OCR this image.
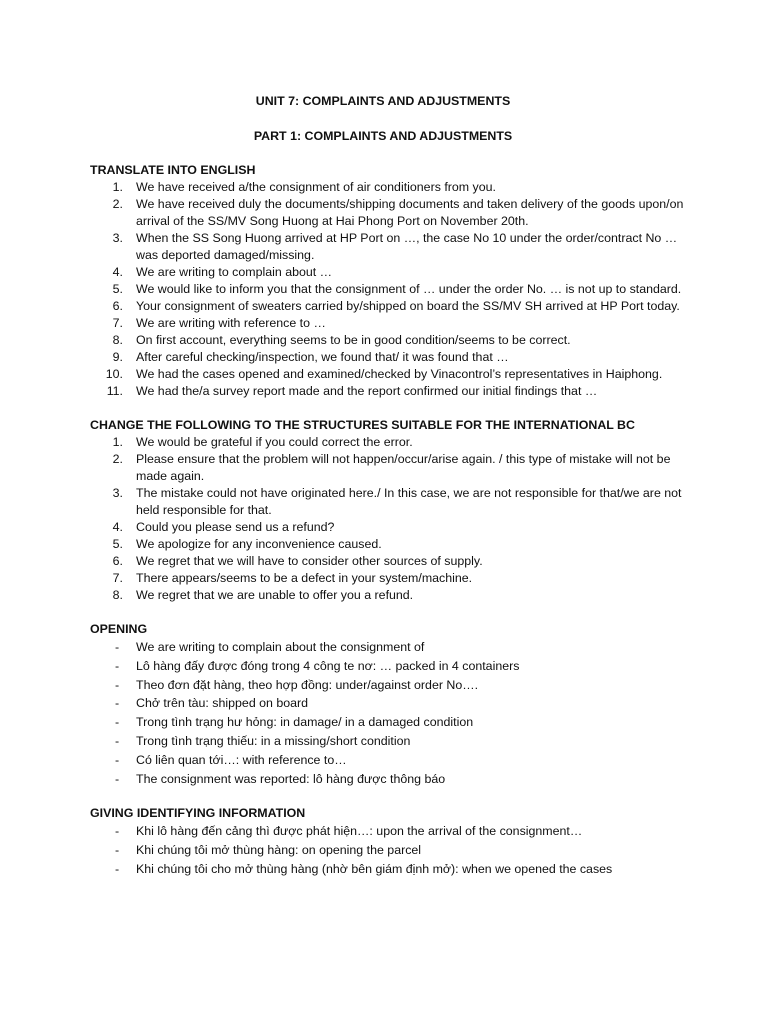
UNIT 7: COMPLAINTS AND ADJUSTMENTS

PART 1: COMPLAINTS AND ADJUSTMENTS

TRANSLATE INTO ENGLISH

1. We have received a/the consignment of air conditioners from you.
2. We have received duly the documents/shipping documents and taken delivery of the goods upon/on arrival of the SS/MV Song Huong at Hai Phong Port on November 20th.
3. When the SS Song Huong arrived at HP Port on …, the case No 10 under the order/contract No … was deported damaged/missing.
4. We are writing to complain about …
5. We would like to inform you that the consignment of … under the order No. … is not up to standard.
6. Your consignment of sweaters carried by/shipped on board the SS/MV SH arrived at HP Port today.
7. We are writing with reference to …
8. On first account, everything seems to be in good condition/seems to be correct.
9. After careful checking/inspection, we found that/ it was found that …
10. We had the cases opened and examined/checked by Vinacontrol’s representatives in Haiphong.
11. We had the/a survey report made and the report confirmed our initial findings that …

CHANGE THE FOLLOWING TO THE STRUCTURES SUITABLE FOR THE INTERNATIONAL BC

1. We would be grateful if you could correct the error.
2. Please ensure that the problem will not happen/occur/arise again. / this type of mistake will not be made again.
3. The mistake could not have originated here./ In this case, we are not responsible for that/we are not held responsible for that.
4. Could you please send us a refund?
5. We apologize for any inconvenience caused.
6. We regret that we will have to consider other sources of supply.
7. There appears/seems to be a defect in your system/machine.
8. We regret that we are unable to offer you a refund.

OPENING

- We are writing to complain about the consignment of
- Lô hàng đấy được đóng trong 4 công te nơ: … packed in 4 containers
- Theo đơn đặt hàng, theo hợp đồng: under/against order No….
- Chở trên tàu: shipped on board
- Trong tình trạng hư hỏng: in damage/ in a damaged condition
- Trong tình trạng thiếu: in a missing/short condition
- Có liên quan tới…: with reference to…
- The consignment was reported: lô hàng được thông báo

GIVING IDENTIFYING INFORMATION

- Khi lô hàng đến cảng thì được phát hiện…: upon the arrival of the consignment…
- Khi chúng tôi mở thùng hàng: on opening the parcel
- Khi chúng tôi cho mở thùng hàng (nhờ bên giám định mở): when we opened the cases
